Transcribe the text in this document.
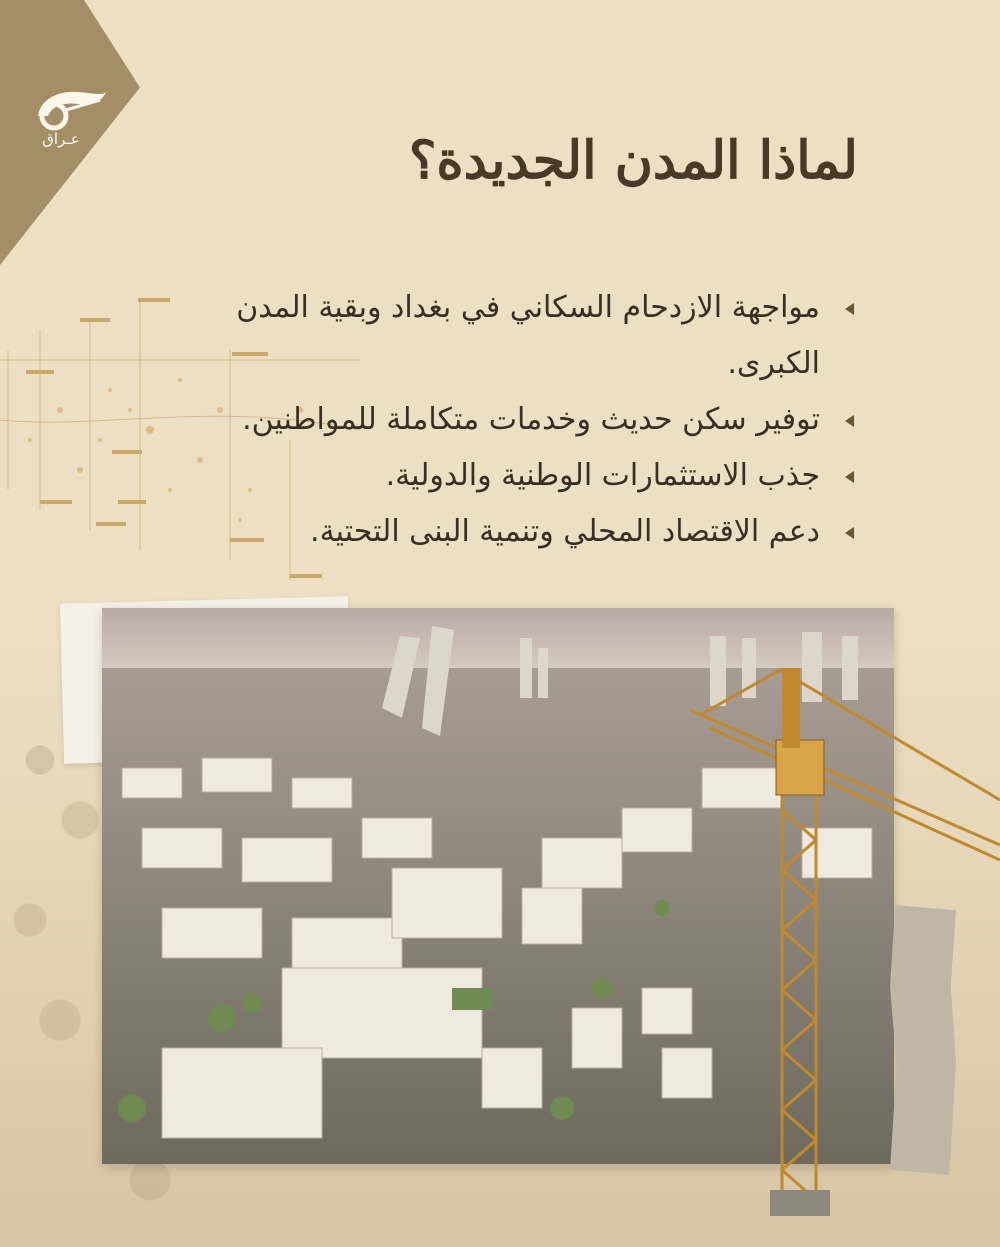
عـراق	لماذا المدن الجديدة؟
مواجهة الازدحام السكاني في بغداد وبقية المدن الكبرى.
توفير سكن حديث وخدمات متكاملة للمواطنين.
جذب الاستثمارات الوطنية والدولية.
دعم الاقتصاد المحلي وتنمية البنى التحتية.
